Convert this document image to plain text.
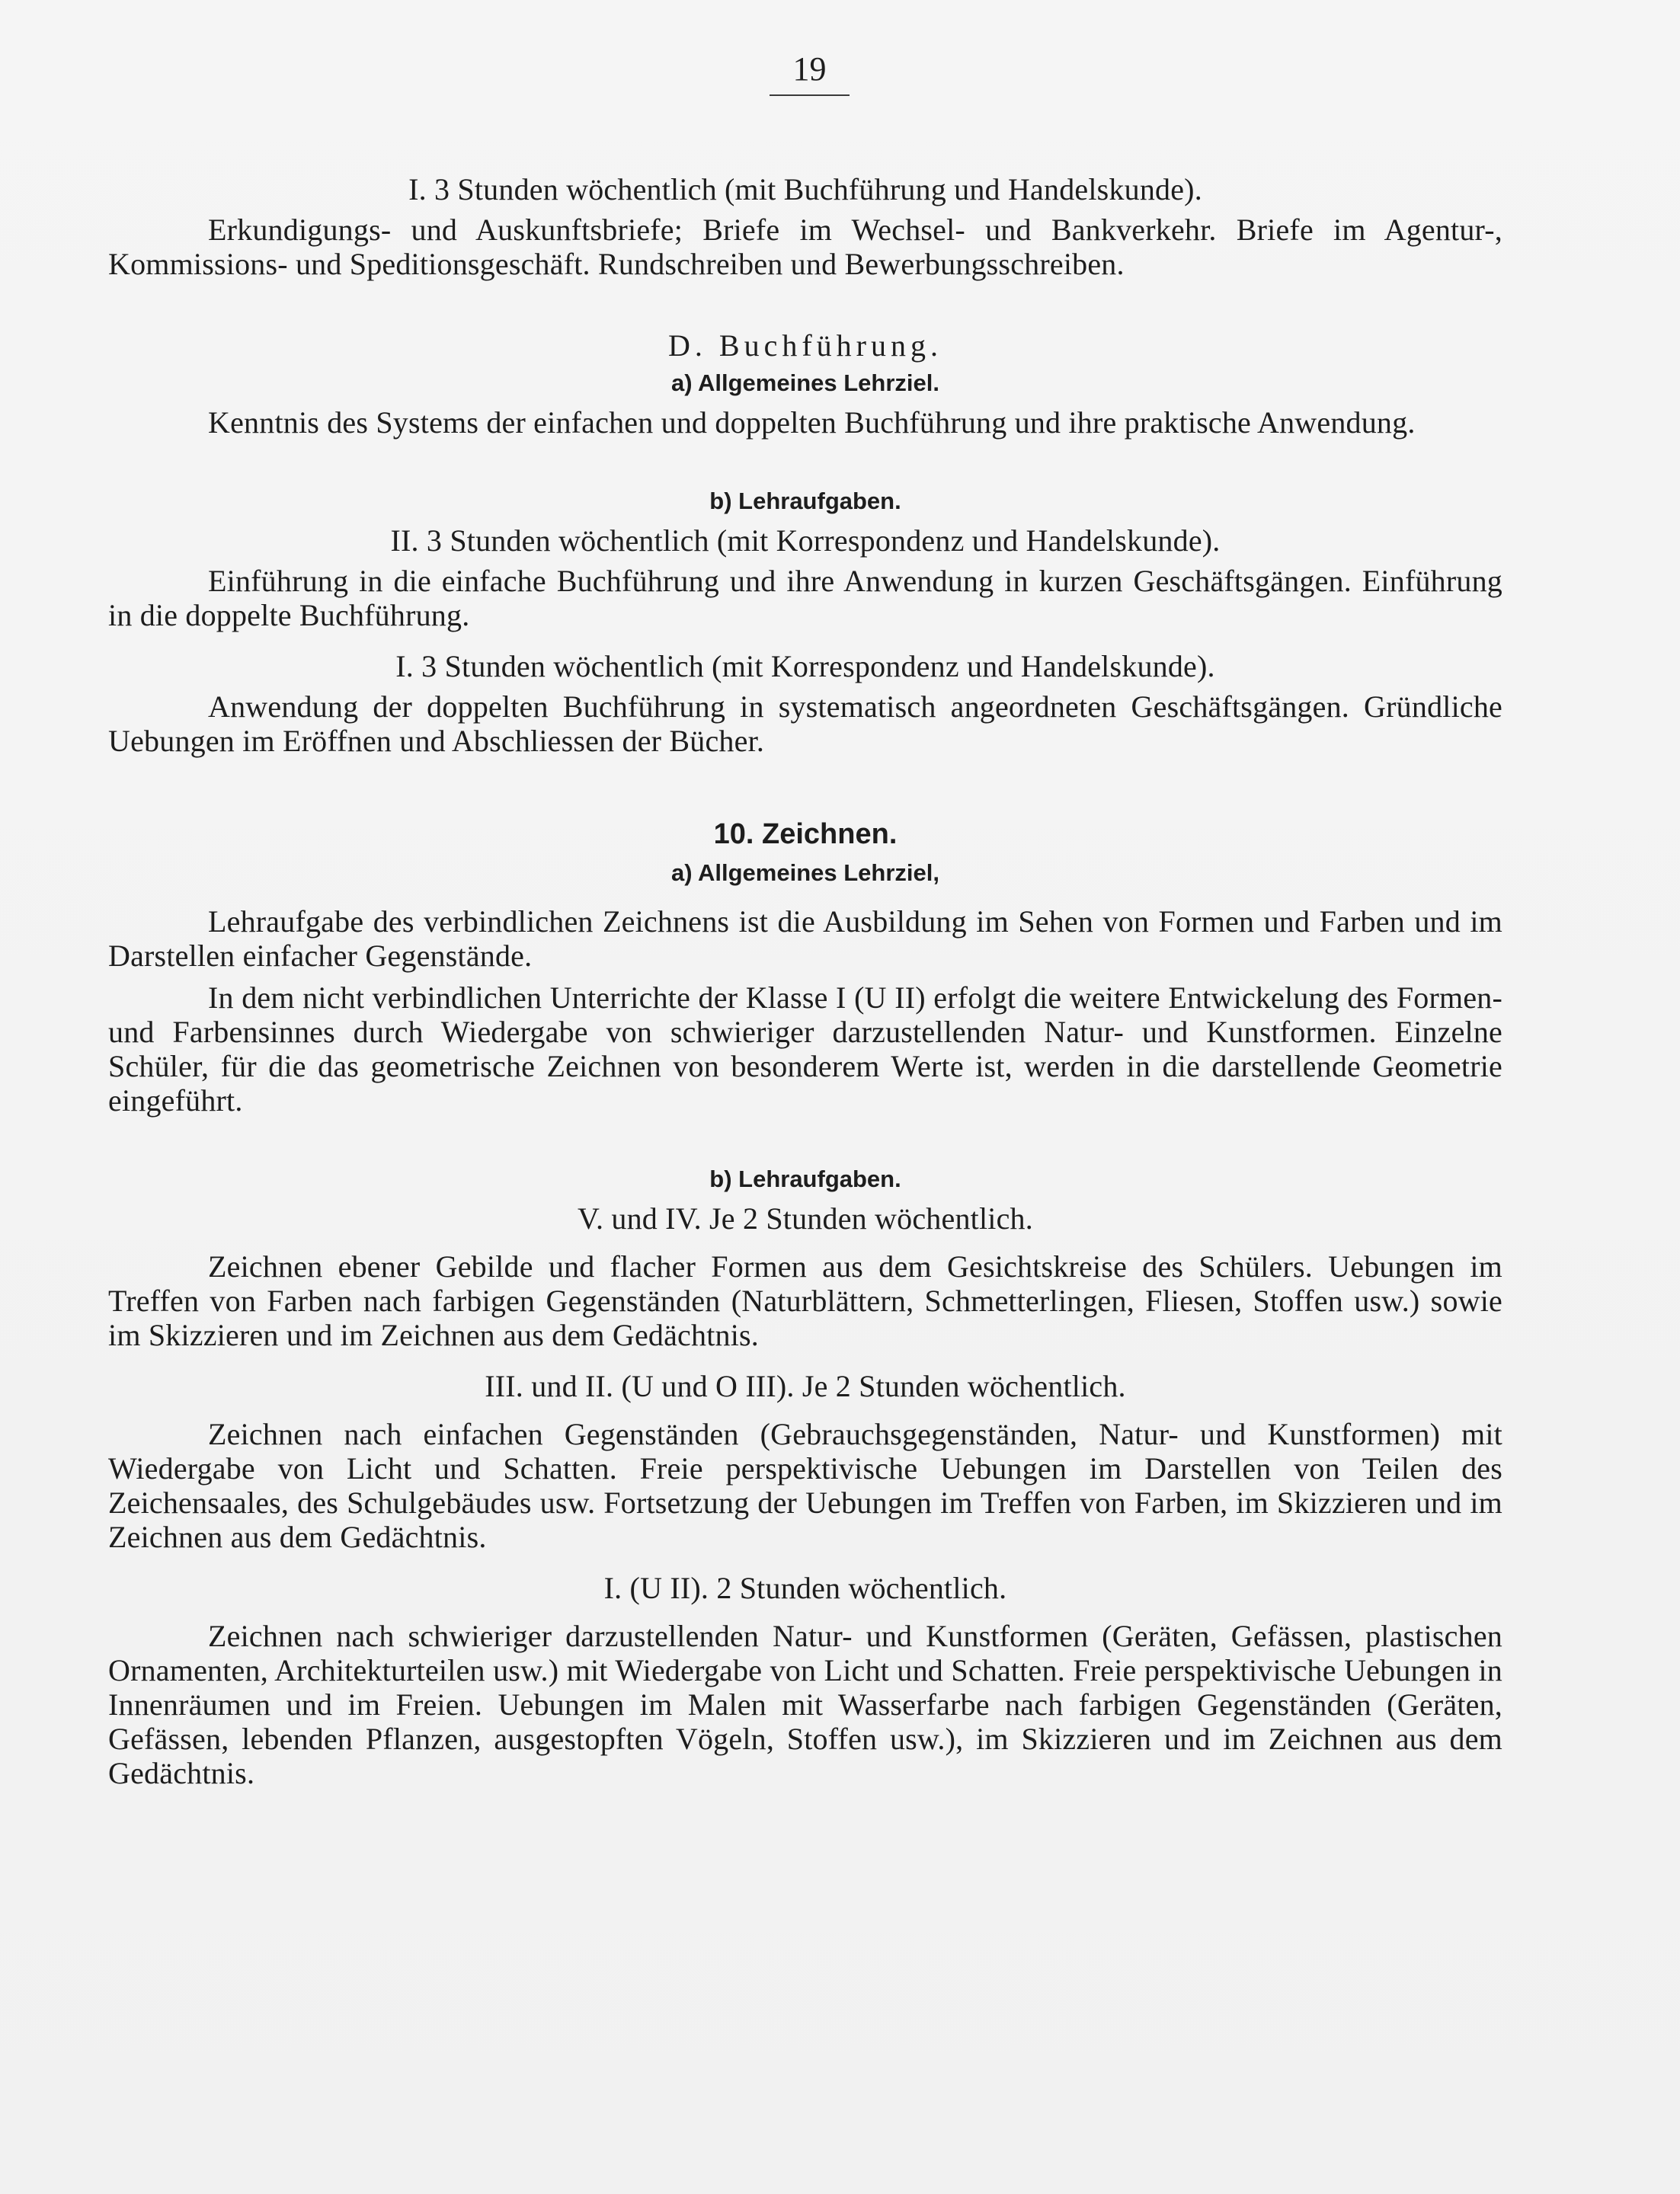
19

I. 3 Stunden wöchentlich (mit Buchführung und Handelskunde).

Erkundigungs- und Auskunftsbriefe; Briefe im Wechsel- und Bankverkehr. Briefe im Agentur-, Kommissions- und Speditionsgeschäft. Rundschreiben und Bewerbungsschreiben.

D. Buchführung.

a) Allgemeines Lehrziel.

Kenntnis des Systems der einfachen und doppelten Buchführung und ihre praktische Anwendung.

b) Lehraufgaben.

II. 3 Stunden wöchentlich (mit Korrespondenz und Handelskunde).

Einführung in die einfache Buchführung und ihre Anwendung in kurzen Geschäftsgängen. Einführung in die doppelte Buchführung.

I. 3 Stunden wöchentlich (mit Korrespondenz und Handelskunde).

Anwendung der doppelten Buchführung in systematisch angeordneten Geschäftsgängen. Gründliche Uebungen im Eröffnen und Abschliessen der Bücher.

10. Zeichnen.
a) Allgemeines Lehrziel,

Lehraufgabe des verbindlichen Zeichnens ist die Ausbildung im Sehen von Formen und Farben und im Darstellen einfacher Gegenstände.

In dem nicht verbindlichen Unterrichte der Klasse I (U II) erfolgt die weitere Entwickelung des Formen- und Farbensinnes durch Wiedergabe von schwieriger darzustellenden Natur- und Kunstformen. Einzelne Schüler, für die das geometrische Zeichnen von besonderem Werte ist, werden in die darstellende Geometrie eingeführt.

b) Lehraufgaben.

V. und IV. Je 2 Stunden wöchentlich.

Zeichnen ebener Gebilde und flacher Formen aus dem Gesichtskreise des Schülers. Uebungen im Treffen von Farben nach farbigen Gegenständen (Naturblättern, Schmetterlingen, Fliesen, Stoffen usw.) sowie im Skizzieren und im Zeichnen aus dem Gedächtnis.

III. und II. (U und O III). Je 2 Stunden wöchentlich.

Zeichnen nach einfachen Gegenständen (Gebrauchsgegenständen, Natur- und Kunstformen) mit Wiedergabe von Licht und Schatten. Freie perspektivische Uebungen im Darstellen von Teilen des Zeichensaales, des Schulgebäudes usw. Fortsetzung der Uebungen im Treffen von Farben, im Skizzieren und im Zeichnen aus dem Gedächtnis.

I. (U II). 2 Stunden wöchentlich.

Zeichnen nach schwieriger darzustellenden Natur- und Kunstformen (Geräten, Gefässen, plastischen Ornamenten, Architekturteilen usw.) mit Wiedergabe von Licht und Schatten. Freie perspektivische Uebungen in Innenräumen und im Freien. Uebungen im Malen mit Wasserfarbe nach farbigen Gegenständen (Geräten, Gefässen, lebenden Pflanzen, ausgestopften Vögeln, Stoffen usw.), im Skizzieren und im Zeichnen aus dem Gedächtnis.
